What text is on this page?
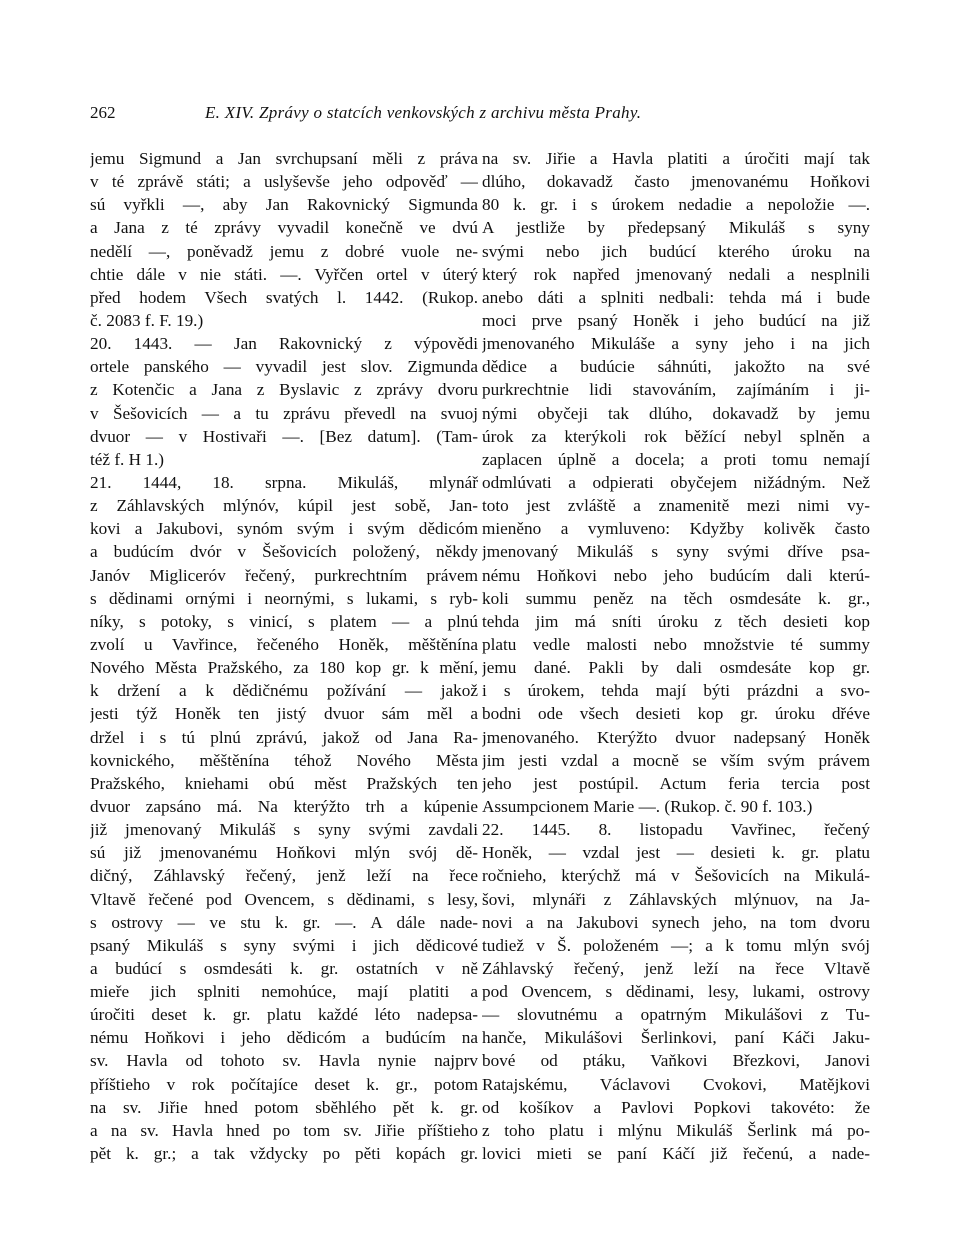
262	E. XIV. Zprávy o statcích venkovských z archivu města Prahy.
jemu Sigmund a Jan svrchupsaní měli z práva
v té zprávě státi; a uslyševše jeho odpověď —
sú vyřkli —, aby Jan Rakovnický Sigmunda
a Jana z té zprávy vyvadil konečně ve dvú
nedělí —, poněvadž jemu z dobré vuole ne-
chtie dále v nie státi. —. Vyřčen ortel v úterý
před hodem Všech svatých l. 1442. (Rukop.
č. 2083 f. F. 19.)
20. 1443. — Jan Rakovnický z výpovědi
ortele panského — vyvadil jest slov. Zigmunda
z Kotenčic a Jana z Byslavic z zprávy dvoru
v Šešovicích — a tu zprávu převedl na svuoj
dvuor — v Hostivaři —. [Bez datum]. (Tam-
též f. H 1.)
21. 1444, 18. srpna. Mikuláš, mlynář
z Záhlavských mlýnóv, kúpil jest sobě, Jan-
kovi a Jakubovi, synóm svým i svým dědicóm
a budúcím dvór v Šešovicích položený, někdy
Janóv Migliceróv řečený, purkrechtním právem
s dědinami ornými i neornými, s lukami, s ryb-
níky, s potoky, s vinicí, s platem — a plnú
zvolí u Vavřince, řečeného Honěk, měštěnína
Nového Města Pražského, za 180 kop gr. k mění,
k držení a k dědičnému požívání — jakož
jesti týž Honěk ten jistý dvuor sám měl a
držel i s tú plnú zprávú, jakož od Jana Ra-
kovnického, měštěnína téhož Nového Města
Pražského, kniehami obú měst Pražských ten
dvuor zapsáno má. Na kterýžto trh a kúpenie
již jmenovaný Mikuláš s syny svými zavdali
sú již jmenovanému Hoňkovi mlýn svój dě-
dičný, Záhlavský řečený, jenž leží na řece
Vltavě řečené pod Ovencem, s dědinami, s lesy,
s ostrovy — ve stu k. gr. —. A dále nade-
psaný Mikuláš s syny svými i jich dědicové
a budúcí s osmdesáti k. gr. ostatních v ně
mieře jich splniti nemohúce, mají platiti a
úročiti deset k. gr. platu každé léto nadepsa-
nému Hoňkovi i jeho dědicóm a budúcím na
sv. Havla od tohoto sv. Havla nynie najprv
příštieho v rok počítajíce deset k. gr., potom
na sv. Jiřie hned potom sběhlého pět k. gr.
a na sv. Havla hned po tom sv. Jiřie příštieho
pět k. gr.; a tak vždycky po pěti kopách gr.
na sv. Jiřie a Havla platiti a úročiti mají tak
dlúho, dokavadž často jmenovanému Hoňkovi
80 k. gr. i s úrokem nedadie a nepoložie —.
A jestliže by předepsaný Mikuláš s syny
svými nebo jich budúcí kterého úroku na
který rok napřed jmenovaný nedali a nesplnili
anebo dáti a splniti nedbali: tehda má i bude
moci prve psaný Honěk i jeho budúcí na již
jmenovaného Mikuláše a syny jeho i na jich
dědice a budúcie sáhnúti, jakožto na své
purkrechtnie lidi stavováním, zajímáním i ji-
nými obyčeji tak dlúho, dokavadž by jemu
úrok za kterýkoli rok běžící nebyl splněn a
zaplacen úplně a docela; a proti tomu nemají
odmlúvati a odpierati obyčejem nižádným. Než
toto jest zvláště a znamenitě mezi nimi vy-
mieněno a vymluveno: Kdyžby kolivěk často
jmenovaný Mikuláš s syny svými dříve psa-
nému Hoňkovi nebo jeho budúcím dali kterú-
koli summu peněz na těch osmdesáte k. gr.,
tehda jim má sníti úroku z těch desieti kop
platu vedle malosti nebo množstvie té summy
jemu dané. Pakli by dali osmdesáte kop gr.
i s úrokem, tehda mají býti prázdni a svo-
bodni ode všech desieti kop gr. úroku dřéve
jmenovaného. Kterýžto dvuor nadepsaný Honěk
jim jesti vzdal a mocně se vším svým právem
jeho jest postúpil. Actum feria tercia post
Assumpcionem Marie —. (Rukop. č. 90 f. 103.)
22. 1445. 8. listopadu Vavřinec, řečený
Honěk, — vzdal jest — desieti k. gr. platu
ročnieho, kterýchž má v Šešovicích na Mikulá-
šovi, mlynáři z Záhlavských mlýnuov, na Ja-
novi a na Jakubovi synech jeho, na tom dvoru
tudiež v Š. položeném —; a k tomu mlýn svój
Záhlavský řečený, jenž leží na řece Vltavě
pod Ovencem, s dědinami, lesy, lukami, ostrovy
— slovutnému a opatrným Mikulášovi z Tu-
hanče, Mikulášovi Šerlinkovi, paní Káči Jaku-
bové od ptáku, Vaňkovi Březkovi, Janovi
Ratajskému, Václavovi Cvokovi, Matějkovi
od košíkov a Pavlovi Popkovi takovéto: že
z toho platu i mlýnu Mikuláš Šerlink má po-
lovici mieti se paní Káčí již řečenú, a nade-
